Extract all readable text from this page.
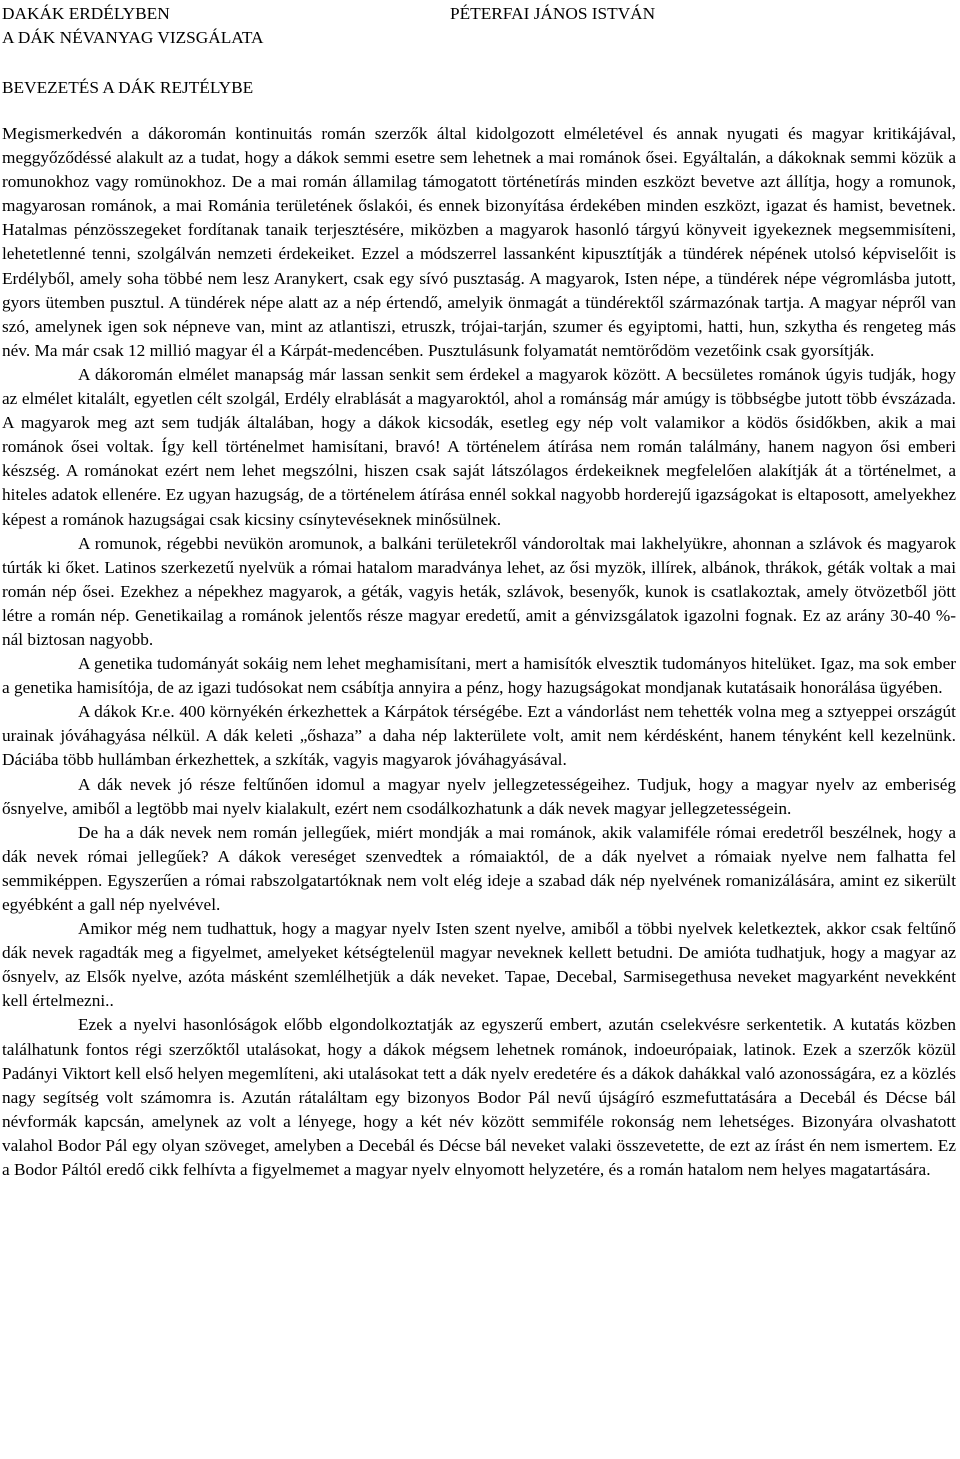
DAKÁK ERDÉLYBEN
A DÁK NÉVANYAG VIZSGÁLATA
PÉTERFAI JÁNOS ISTVÁN
BEVEZETÉS A DÁK REJTÉLYBE

Megismerkedvén a dákoromán kontinuitás román szerzők által kidolgozott elméletével és annak nyugati és magyar kritikájával, meggyőződéssé alakult az a tudat, hogy a dákok semmi esetre sem lehetnek a mai románok ősei. Egyáltalán, a dákoknak semmi közük a romunokhoz vagy romünokhoz. De a mai román államilag támogatott történetírás minden eszközt bevetve azt állítja, hogy a romunok, magyarosan románok, a mai Románia területének őslakói, és ennek bizonyítása érdekében minden eszközt, igazat és hamist, bevetnek. Hatalmas pénzösszegeket fordítanak tanaik terjesztésére, miközben a magyarok hasonló tárgyú könyveit igyekeznek megsemmisíteni, lehetetlenné tenni, szolgálván nemzeti érdekeiket. Ezzel a módszerrel lassanként kipusztítják a tündérek népének utolsó képviselőit is Erdélyből, amely soha többé nem lesz Aranykert, csak egy sívó pusztaság. A magyarok, Isten népe, a tündérek népe végromlásba jutott, gyors ütemben pusztul. A tündérek népe alatt az a nép értendő, amelyik önmagát a tündérektől származónak tartja. A magyar népről van szó, amelynek igen sok népneve van, mint az atlantiszi, etruszk, trójai-tarján, szumer és egyiptomi, hatti, hun, szkytha és rengeteg más név. Ma már csak 12 millió magyar él a Kárpát-medencében. Pusztulásunk folyamatát nemtörődöm vezetőink csak gyorsítják.

A dákoromán elmélet manapság már lassan senkit sem érdekel a magyarok között. A becsületes románok úgyis tudják, hogy az elmélet kitalált, egyetlen célt szolgál, Erdély elrablását a magyaroktól, ahol a románság már amúgy is többségbe jutott több évszázada. A magyarok meg azt sem tudják általában, hogy a dákok kicsodák, esetleg egy nép volt valamikor a ködös ősidőkben, akik a mai románok ősei voltak. Így kell történelmet hamisítani, bravó! A történelem átírása nem román találmány, hanem nagyon ősi emberi készség. A románokat ezért nem lehet megszólni, hiszen csak saját látszólagos érdekeiknek megfelelően alakítják át a történelmet, a hiteles adatok ellenére. Ez ugyan hazugság, de a történelem átírása ennél sokkal nagyobb horderejű igazságokat is eltaposott, amelyekhez képest a románok hazugságai csak kicsiny csínytevéseknek minősülnek.

A romunok, régebbi nevükön aromunok, a balkáni területekről vándoroltak mai lakhelyükre, ahonnan a szlávok és magyarok túrták ki őket. Latinos szerkezetű nyelvük a római hatalom maradványa lehet, az ősi myzök, illírek, albánok, thrákok, géták voltak a mai román nép ősei. Ezekhez a népekhez magyarok, a géták, vagyis heták, szlávok, besenyők, kunok is csatlakoztak, amely ötvözetből jött létre a román nép. Genetikailag a románok jelentős része magyar eredetű, amit a génvizsgálatok igazolni fognak. Ez az arány 30-40 %-nál biztosan nagyobb.

A genetika tudományát sokáig nem lehet meghamisítani, mert a hamisítók elvesztik tudományos hitelüket. Igaz, ma sok ember a genetika hamisítója, de az igazi tudósokat nem csábítja annyira a pénz, hogy hazugságokat mondjanak kutatásaik honorálása ügyében.

A dákok Kr.e. 400 környékén érkezhettek a Kárpátok térségébe. Ezt a vándorlást nem tehették volna meg a sztyeppei országút urainak jóváhagyása nélkül. A dák keleti „őshaza” a daha nép lakterülete volt, amit nem kérdésként, hanem tényként kell kezelnünk. Dáciába több hullámban érkezhettek, a szkíták, vagyis magyarok jóváhagyásával.

A dák nevek jó része feltűnően idomul a magyar nyelv jellegzetességeihez. Tudjuk, hogy a magyar nyelv az emberiség ősnyelve, amiből a legtöbb mai nyelv kialakult, ezért nem csodálkozhatunk a dák nevek magyar jellegzetességein.

De ha a dák nevek nem román jellegűek, miért mondják a mai románok, akik valamiféle római eredetről beszélnek, hogy a dák nevek római jellegűek? A dákok vereséget szenvedtek a rómaiaktól, de a dák nyelvet a rómaiak nyelve nem falhatta fel semmiképpen. Egyszerűen a római rabszolgatartóknak nem volt elég ideje a szabad dák nép nyelvének romanizálására, amint ez sikerült egyébként a gall nép nyelvével.

Amikor még nem tudhattuk, hogy a magyar nyelv Isten szent nyelve, amiből a többi nyelvek keletkeztek, akkor csak feltűnő dák nevek ragadták meg a figyelmet, amelyeket kétségtelenül magyar neveknek kellett betudni. De amióta tudhatjuk, hogy a magyar az ősnyelv, az Elsők nyelve, azóta másként szemlélhetjük a dák neveket. Tapae, Decebal, Sarmisegethusa neveket magyarként nevekként kell értelmezni..

Ezek a nyelvi hasonlóságok előbb elgondolkoztatják az egyszerű embert, azután cselekvésre serkentetik. A kutatás közben találhatunk fontos régi szerzőktől utalásokat, hogy a dákok mégsem lehetnek románok, indoeurópaiak, latinok. Ezek a szerzők közül Padányi Viktort kell első helyen megemlíteni, aki utalásokat tett a dák nyelv eredetére és a dákok dahákkal való azonosságára, ez a közlés nagy segítség volt számomra is. Azután rátaláltam egy bizonyos Bodor Pál nevű újságíró eszmefuttatására a Decebál és Décse bál névformák kapcsán, amelynek az volt a lényege, hogy a két név között semmiféle rokonság nem lehetséges. Bizonyára olvashatott valahol Bodor Pál egy olyan szöveget, amelyben a Decebál és Décse bál neveket valaki összevetette, de ezt az írást én nem ismertem. Ez a Bodor Páltól eredő cikk felhívta a figyelmemet a magyar nyelv elnyomott helyzetére, és a román hatalom nem helyes magatartására.
